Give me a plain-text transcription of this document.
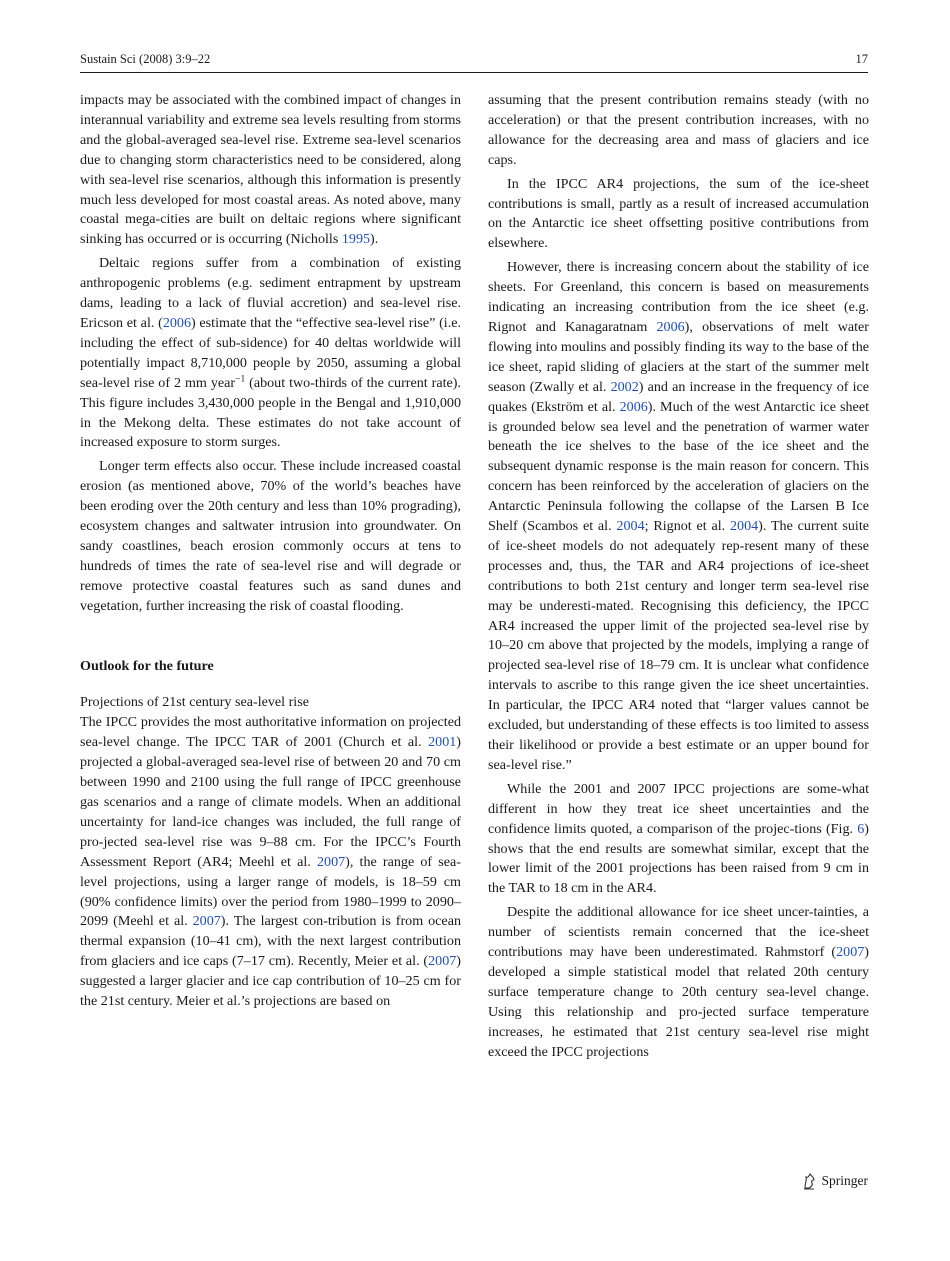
Sustain Sci (2008) 3:9–22	17

impacts may be associated with the combined impact of changes in interannual variability and extreme sea levels resulting from storms and the global-averaged sea-level rise. Extreme sea-level scenarios due to changing storm characteristics need to be considered, along with sea-level rise scenarios, although this information is presently much less developed for most coastal areas. As noted above, many coastal mega-cities are built on deltaic regions where significant sinking has occurred or is occurring (Nicholls 1995).

Deltaic regions suffer from a combination of existing anthropogenic problems (e.g. sediment entrapment by upstream dams, leading to a lack of fluvial accretion) and sea-level rise. Ericson et al. (2006) estimate that the “effective sea-level rise” (i.e. including the effect of sub-sidence) for 40 deltas worldwide will potentially impact 8,710,000 people by 2050, assuming a global sea-level rise of 2 mm year$^{-1}$ (about two-thirds of the current rate). This figure includes 3,430,000 people in the Bengal and 1,910,000 in the Mekong delta. These estimates do not take account of increased exposure to storm surges.

Longer term effects also occur. These include increased coastal erosion (as mentioned above, 70% of the world’s beaches have been eroding over the 20th century and less than 10% prograding), ecosystem changes and saltwater intrusion into groundwater. On sandy coastlines, beach erosion commonly occurs at tens to hundreds of times the rate of sea-level rise and will degrade or remove protective coastal features such as sand dunes and vegetation, further increasing the risk of coastal flooding.

Outlook for the future

Projections of 21st century sea-level rise

The IPCC provides the most authoritative information on projected sea-level change. The IPCC TAR of 2001 (Church et al. 2001) projected a global-averaged sea-level rise of between 20 and 70 cm between 1990 and 2100 using the full range of IPCC greenhouse gas scenarios and a range of climate models. When an additional uncertainty for land-ice changes was included, the full range of pro-jected sea-level rise was 9–88 cm. For the IPCC’s Fourth Assessment Report (AR4; Meehl et al. 2007), the range of sea-level projections, using a larger range of models, is 18–59 cm (90% confidence limits) over the period from 1980–1999 to 2090–2099 (Meehl et al. 2007). The largest con-tribution is from ocean thermal expansion (10–41 cm), with the next largest contribution from glaciers and ice caps (7–17 cm). Recently, Meier et al. (2007) suggested a larger glacier and ice cap contribution of 10–25 cm for the 21st century. Meier et al.’s projections are based on

assuming that the present contribution remains steady (with no acceleration) or that the present contribution increases, with no allowance for the decreasing area and mass of glaciers and ice caps.

In the IPCC AR4 projections, the sum of the ice-sheet contributions is small, partly as a result of increased accumulation on the Antarctic ice sheet offsetting positive contributions from elsewhere.

However, there is increasing concern about the stability of ice sheets. For Greenland, this concern is based on measurements indicating an increasing contribution from the ice sheet (e.g. Rignot and Kanagaratnam 2006), observations of melt water flowing into moulins and possibly finding its way to the base of the ice sheet, rapid sliding of glaciers at the start of the summer melt season (Zwally et al. 2002) and an increase in the frequency of ice quakes (Ekström et al. 2006). Much of the west Antarctic ice sheet is grounded below sea level and the penetration of warmer water beneath the ice shelves to the base of the ice sheet and the subsequent dynamic response is the main reason for concern. This concern has been reinforced by the acceleration of glaciers on the Antarctic Peninsula following the collapse of the Larsen B Ice Shelf (Scambos et al. 2004; Rignot et al. 2004). The current suite of ice-sheet models do not adequately rep-resent many of these processes and, thus, the TAR and AR4 projections of ice-sheet contributions to both 21st century and longer term sea-level rise may be underesti-mated. Recognising this deficiency, the IPCC AR4 increased the upper limit of the projected sea-level rise by 10–20 cm above that projected by the models, implying a range of projected sea-level rise of 18–79 cm. It is unclear what confidence intervals to ascribe to this range given the ice sheet uncertainties. In particular, the IPCC AR4 noted that “larger values cannot be excluded, but understanding of these effects is too limited to assess their likelihood or provide a best estimate or an upper bound for sea-level rise.”

While the 2001 and 2007 IPCC projections are some-what different in how they treat ice sheet uncertainties and the confidence limits quoted, a comparison of the projec-tions (Fig. 6) shows that the end results are somewhat similar, except that the lower limit of the 2001 projections has been raised from 9 cm in the TAR to 18 cm in the AR4.

Despite the additional allowance for ice sheet uncer-tainties, a number of scientists remain concerned that the ice-sheet contributions may have been underestimated. Rahmstorf (2007) developed a simple statistical model that related 20th century surface temperature change to 20th century sea-level change. Using this relationship and pro-jected surface temperature increases, he estimated that 21st century sea-level rise might exceed the IPCC projections

Springer
